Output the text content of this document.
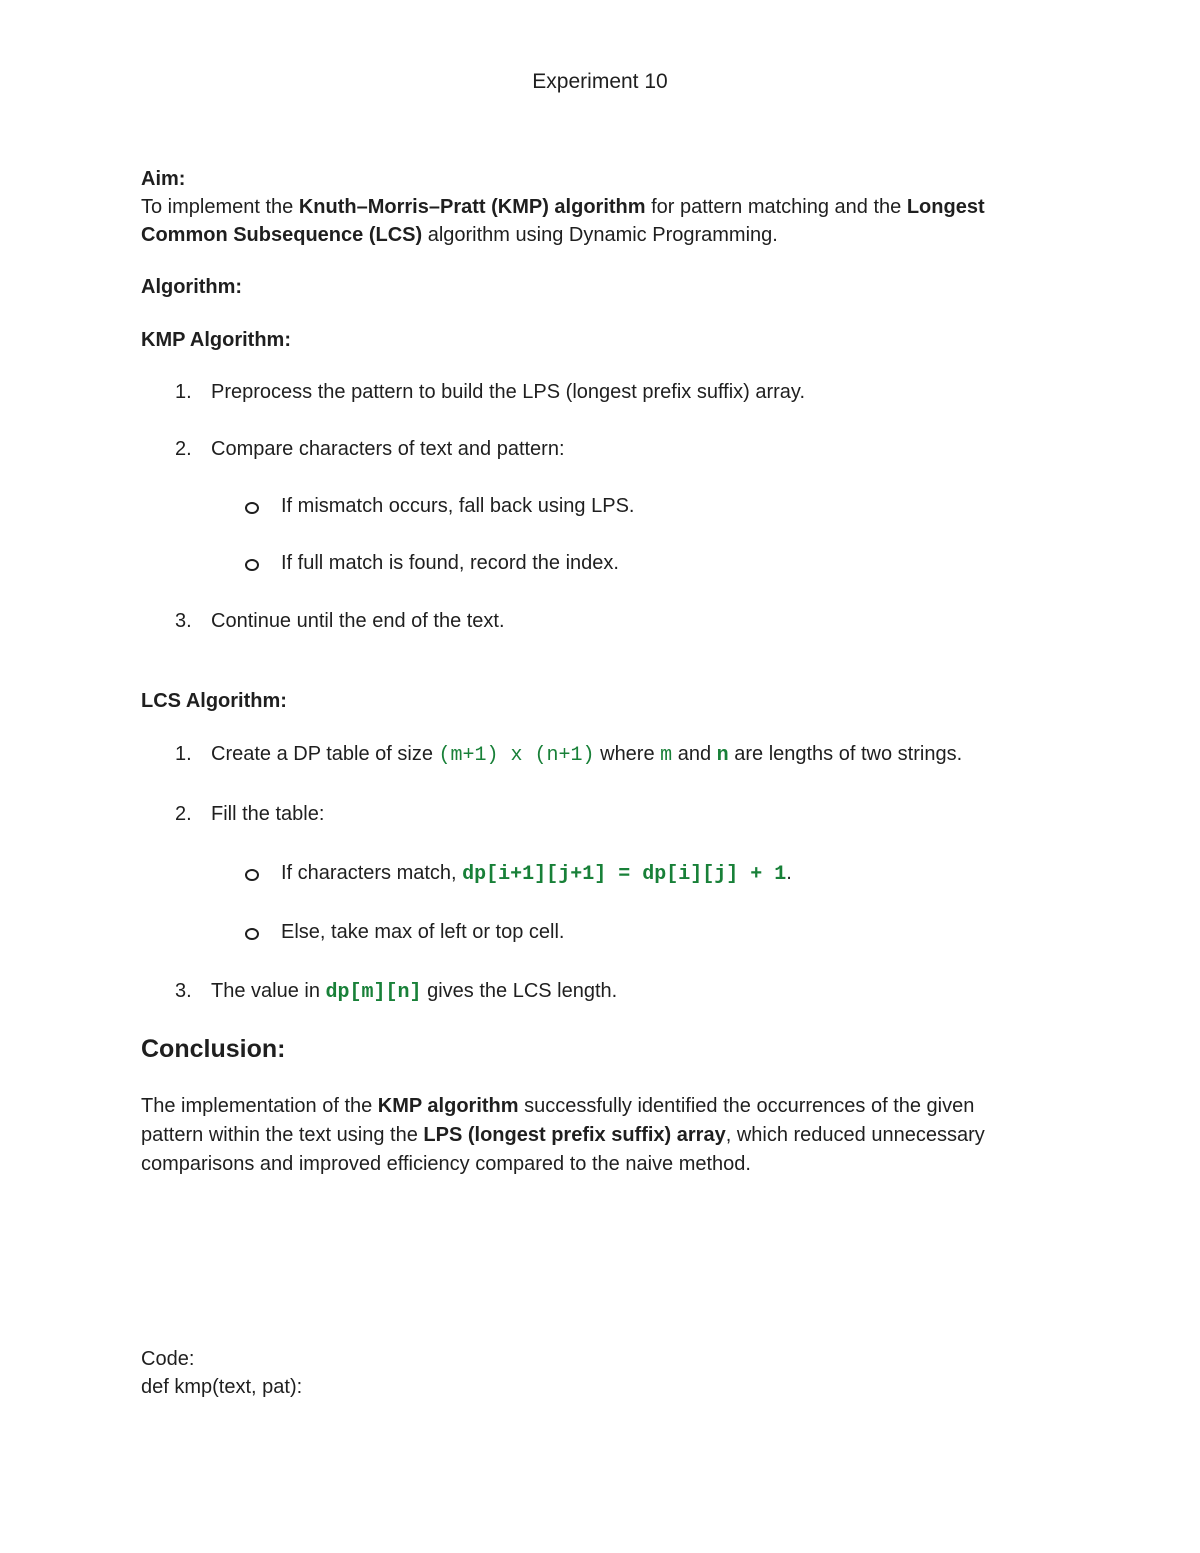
Experiment 10
Aim:
To implement the Knuth–Morris–Pratt (KMP) algorithm for pattern matching and the Longest
Common Subsequence (LCS) algorithm using Dynamic Programming.
Algorithm:
KMP Algorithm:
1. Preprocess the pattern to build the LPS (longest prefix suffix) array.
2. Compare characters of text and pattern:
If mismatch occurs, fall back using LPS.
If full match is found, record the index.
3. Continue until the end of the text.
LCS Algorithm:
1. Create a DP table of size (m+1) x (n+1) where m and n are lengths of two strings.
2. Fill the table:
If characters match, dp[i+1][j+1] = dp[i][j] + 1.
Else, take max of left or top cell.
3. The value in dp[m][n] gives the LCS length.
Conclusion:
The implementation of the KMP algorithm successfully identified the occurrences of the given
pattern within the text using the LPS (longest prefix suffix) array, which reduced unnecessary
comparisons and improved efficiency compared to the naive method.
Code:
def kmp(text, pat):
